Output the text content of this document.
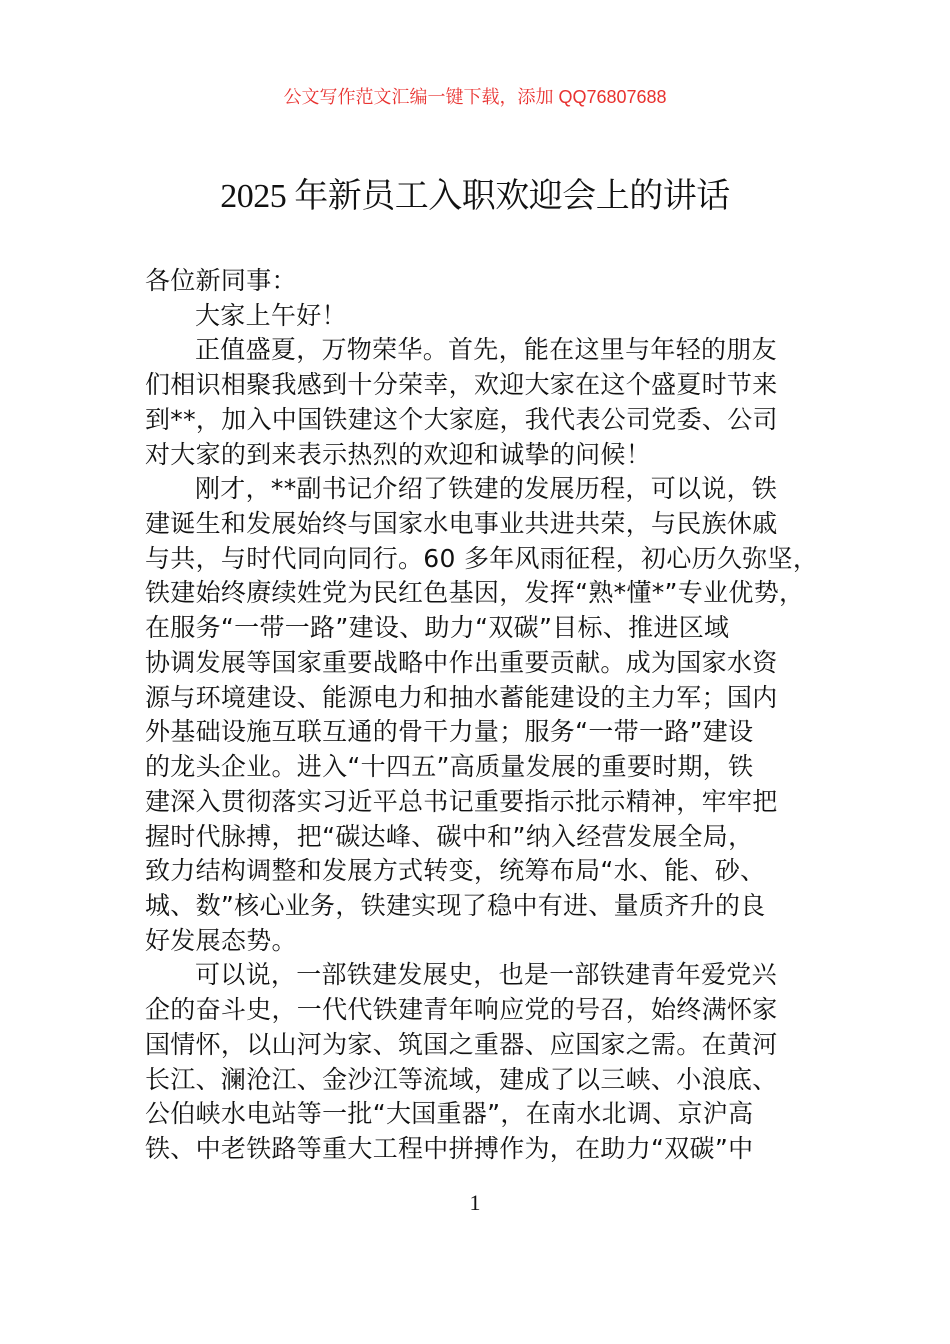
公文写作范文汇编一键下载，添加 QQ76807688
2025 年新员工入职欢迎会上的讲话
各位新同事：
大家上午好！
正值盛夏，万物荣华。首先，能在这里与年轻的朋友
们相识相聚我感到十分荣幸，欢迎大家在这个盛夏时节来
到**，加入中国铁建这个大家庭，我代表公司党委、公司
对大家的到来表示热烈的欢迎和诚挚的问候！
刚才，**副书记介绍了铁建的发展历程，可以说，铁
建诞生和发展始终与国家水电事业共进共荣，与民族休戚
与共，与时代同向同行。60 多年风雨征程，初心历久弥坚，
铁建始终赓续姓党为民红色基因，发挥“熟*懂*”专业优势，
在服务“一带一路”建设、助力“双碳”目标、推进区域
协调发展等国家重要战略中作出重要贡献。成为国家水资
源与环境建设、能源电力和抽水蓄能建设的主力军；国内
外基础设施互联互通的骨干力量；服务“一带一路”建设
的龙头企业。进入“十四五”高质量发展的重要时期，铁
建深入贯彻落实习近平总书记重要指示批示精神，牢牢把
握时代脉搏，把“碳达峰、碳中和”纳入经营发展全局，
致力结构调整和发展方式转变，统筹布局“水、能、砂、
城、数”核心业务，铁建实现了稳中有进、量质齐升的良
好发展态势。
可以说，一部铁建发展史，也是一部铁建青年爱党兴
企的奋斗史，一代代铁建青年响应党的号召，始终满怀家
国情怀，以山河为家、筑国之重器、应国家之需。在黄河
长江、澜沧江、金沙江等流域，建成了以三峡、小浪底、
公伯峡水电站等一批“大国重器”，在南水北调、京沪高
铁、中老铁路等重大工程中拼搏作为，在助力“双碳”中
1
